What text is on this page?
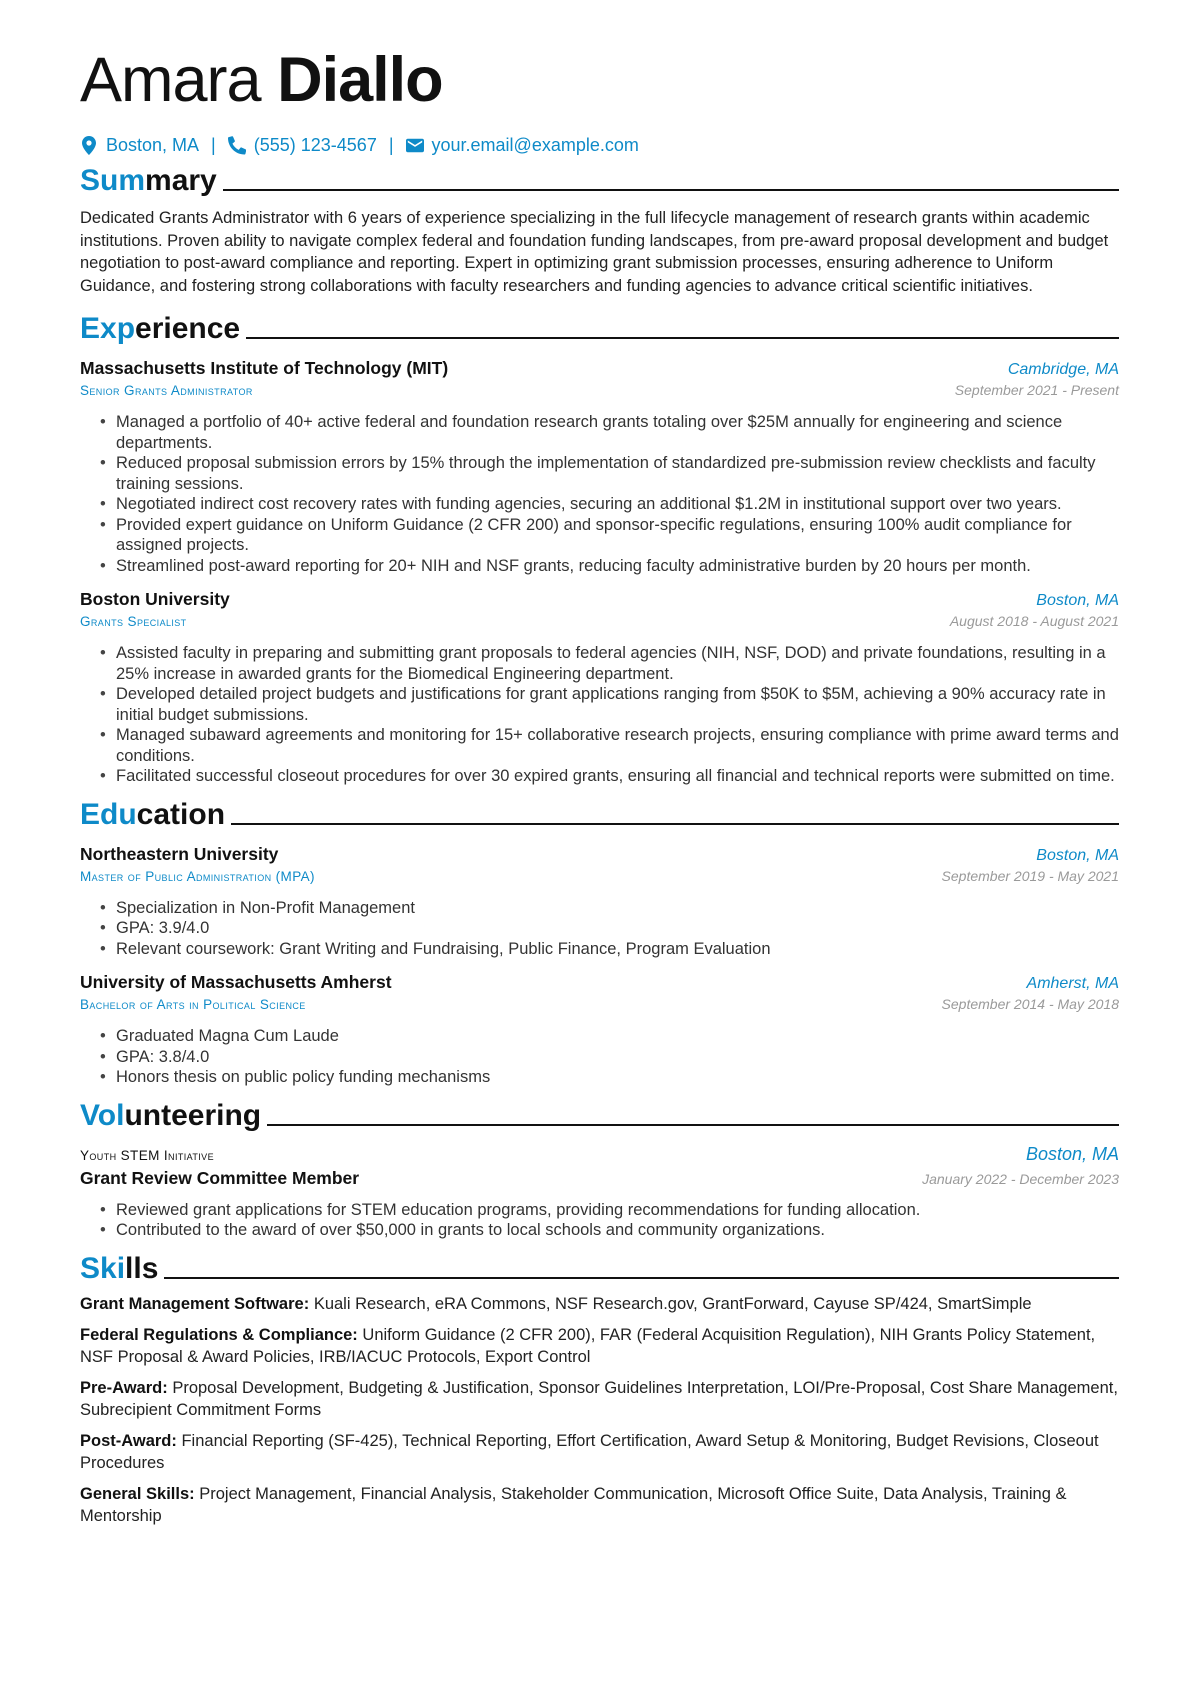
Amara Diallo
Boston, MA | (555) 123-4567 | your.email@example.com
Summary

Dedicated Grants Administrator with 6 years of experience specializing in the full lifecycle management of research grants within academic institutions. Proven ability to navigate complex federal and foundation funding landscapes, from pre-award proposal development and budget negotiation to post-award compliance and reporting. Expert in optimizing grant submission processes, ensuring adherence to Uniform Guidance, and fostering strong collaborations with faculty researchers and funding agencies to advance critical scientific initiatives.

Experience
Massachusetts Institute of Technology (MIT)	Cambridge, MA
Senior Grants Administrator	September 2021 - Present
• Managed a portfolio of 40+ active federal and foundation research grants totaling over $25M annually for engineering and science departments.
• Reduced proposal submission errors by 15% through the implementation of standardized pre-submission review checklists and faculty training sessions.
• Negotiated indirect cost recovery rates with funding agencies, securing an additional $1.2M in institutional support over two years.
• Provided expert guidance on Uniform Guidance (2 CFR 200) and sponsor-specific regulations, ensuring 100% audit compliance for assigned projects.
• Streamlined post-award reporting for 20+ NIH and NSF grants, reducing faculty administrative burden by 20 hours per month.
Boston University	Boston, MA
Grants Specialist	August 2018 - August 2021
• Assisted faculty in preparing and submitting grant proposals to federal agencies (NIH, NSF, DOD) and private foundations, resulting in a 25% increase in awarded grants for the Biomedical Engineering department.
• Developed detailed project budgets and justifications for grant applications ranging from $50K to $5M, achieving a 90% accuracy rate in initial budget submissions.
• Managed subaward agreements and monitoring for 15+ collaborative research projects, ensuring compliance with prime award terms and conditions.
• Facilitated successful closeout procedures for over 30 expired grants, ensuring all financial and technical reports were submitted on time.
Education
Northeastern University	Boston, MA
Master of Public Administration (MPA)	September 2019 - May 2021
• Specialization in Non-Profit Management
• GPA: 3.9/4.0
• Relevant coursework: Grant Writing and Fundraising, Public Finance, Program Evaluation
University of Massachusetts Amherst	Amherst, MA
Bachelor of Arts in Political Science	September 2014 - May 2018
• Graduated Magna Cum Laude
• GPA: 3.8/4.0
• Honors thesis on public policy funding mechanisms
Volunteering
Youth STEM Initiative	Boston, MA
Grant Review Committee Member	January 2022 - December 2023
• Reviewed grant applications for STEM education programs, providing recommendations for funding allocation.
• Contributed to the award of over $50,000 in grants to local schools and community organizations.
Skills

Grant Management Software: Kuali Research, eRA Commons, NSF Research.gov, GrantForward, Cayuse SP/424, SmartSimple

Federal Regulations & Compliance: Uniform Guidance (2 CFR 200), FAR (Federal Acquisition Regulation), NIH Grants Policy Statement, NSF Proposal & Award Policies, IRB/IACUC Protocols, Export Control

Pre-Award: Proposal Development, Budgeting & Justification, Sponsor Guidelines Interpretation, LOI/Pre-Proposal, Cost Share Management, Subrecipient Commitment Forms

Post-Award: Financial Reporting (SF-425), Technical Reporting, Effort Certification, Award Setup & Monitoring, Budget Revisions, Closeout Procedures

General Skills: Project Management, Financial Analysis, Stakeholder Communication, Microsoft Office Suite, Data Analysis, Training & Mentorship
